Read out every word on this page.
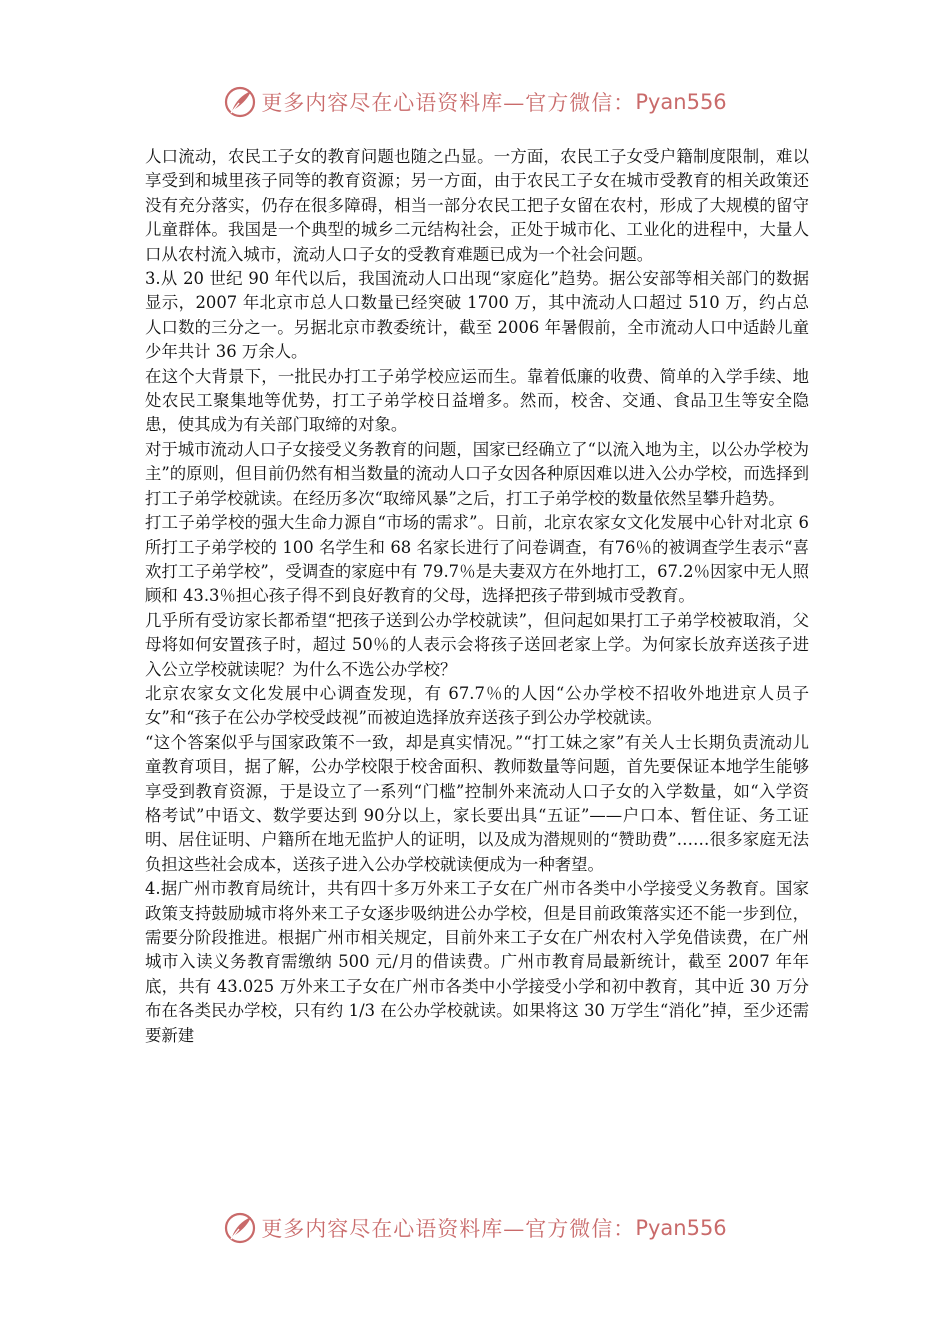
更多内容尽在心语资料库—官方微信： Pyan556

人口流动，农民工子女的教育问题也随之凸显。一方面，农民工子女受户籍制度限制，难以享受到和城里孩子同等的教育资源；另一方面，由于农民工子女在城市受教育的相关政策还没有充分落实，仍存在很多障碍，相当一部分农民工把子女留在农村，形成了大规模的留守儿童群体。我国是一个典型的城乡二元结构社会，正处于城市化、工业化的进程中，大量人口从农村流入城市，流动人口子女的受教育难题已成为一个社会问题。

3.从 20 世纪 90 年代以后，我国流动人口出现“家庭化”趋势。据公安部等相关部门的数据显示，2007 年北京市总人口数量已经突破 1700 万，其中流动人口超过 510 万，约占总人口数的三分之一。另据北京市教委统计，截至 2006 年暑假前，全市流动人口中适龄儿童少年共计 36 万余人。

在这个大背景下，一批民办打工子弟学校应运而生。靠着低廉的收费、简单的入学手续、地处农民工聚集地等优势，打工子弟学校日益增多。然而，校舍、交通、食品卫生等安全隐患，使其成为有关部门取缔的对象。

对于城市流动人口子女接受义务教育的问题，国家已经确立了“以流入地为主，以公办学校为主”的原则，但目前仍然有相当数量的流动人口子女因各种原因难以进入公办学校，而选择到打工子弟学校就读。在经历多次“取缔风暴”之后，打工子弟学校的数量依然呈攀升趋势。

打工子弟学校的强大生命力源自“市场的需求”。日前，北京农家女文化发展中心针对北京 6 所打工子弟学校的 100 名学生和 68 名家长进行了问卷调查，有76％的被调查学生表示“喜欢打工子弟学校”，受调查的家庭中有 79.7％是夫妻双方在外地打工，67.2％因家中无人照顾和 43.3％担心孩子得不到良好教育的父母，选择把孩子带到城市受教育。

几乎所有受访家长都希望“把孩子送到公办学校就读”，但问起如果打工子弟学校被取消，父母将如何安置孩子时，超过 50％的人表示会将孩子送回老家上学。为何家长放弃送孩子进入公立学校就读呢？为什么不选公办学校？

北京农家女文化发展中心调查发现，有 67.7％的人因“公办学校不招收外地进京人员子女”和“孩子在公办学校受歧视”而被迫选择放弃送孩子到公办学校就读。

“这个答案似乎与国家政策不一致，却是真实情况。”“打工妹之家”有关人士长期负责流动儿童教育项目，据了解，公办学校限于校舍面积、教师数量等问题，首先要保证本地学生能够享受到教育资源，于是设立了一系列“门槛”控制外来流动人口子女的入学数量，如“入学资格考试”中语文、数学要达到 90分以上，家长要出具“五证”——户口本、暂住证、务工证明、居住证明、户籍所在地无监护人的证明，以及成为潜规则的“赞助费”……很多家庭无法负担这些社会成本，送孩子进入公办学校就读便成为一种奢望。

4.据广州市教育局统计，共有四十多万外来工子女在广州市各类中小学接受义务教育。国家政策支持鼓励城市将外来工子女逐步吸纳进公办学校，但是目前政策落实还不能一步到位，需要分阶段推进。根据广州市相关规定，目前外来工子女在广州农村入学免借读费，在广州城市入读义务教育需缴纳 500 元/月的借读费。广州市教育局最新统计，截至 2007 年年底，共有 43.025 万外来工子女在广州市各类中小学接受小学和初中教育，其中近 30 万分布在各类民办学校，只有约 1/3 在公办学校就读。如果将这 30 万学生“消化”掉，至少还需要新建

更多内容尽在心语资料库—官方微信： Pyan556
